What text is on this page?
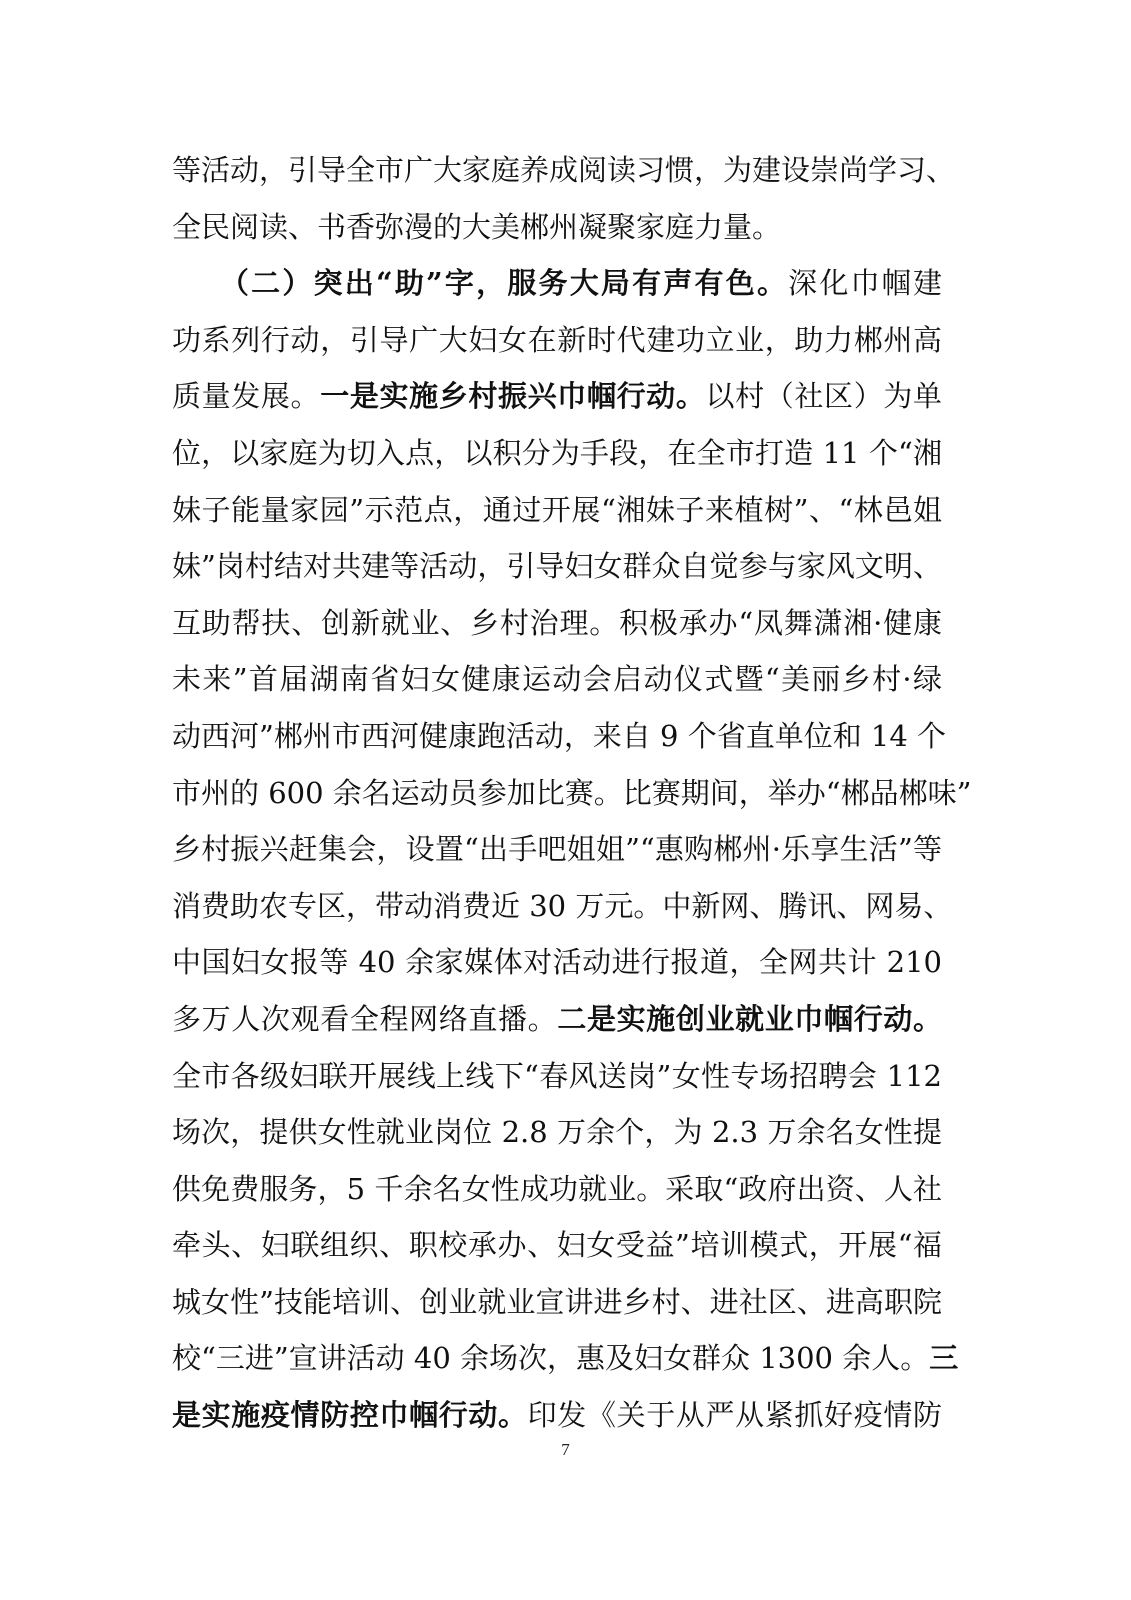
等活动，引导全市广大家庭养成阅读习惯，为建设崇尚学习、
全民阅读、书香弥漫的大美郴州凝聚家庭力量。
　　（二）突出“助”字，服务大局有声有色。深化巾帼建
功系列行动，引导广大妇女在新时代建功立业，助力郴州高
质量发展。一是实施乡村振兴巾帼行动。以村（社区）为单
位，以家庭为切入点，以积分为手段，在全市打造 11 个“湘
妹子能量家园”示范点，通过开展“湘妹子来植树”、“林邑姐
妹”岗村结对共建等活动，引导妇女群众自觉参与家风文明、
互助帮扶、创新就业、乡村治理。积极承办“凤舞潇湘·健康
未来”首届湖南省妇女健康运动会启动仪式暨“美丽乡村·绿
动西河”郴州市西河健康跑活动，来自 9 个省直单位和 14 个
市州的 600 余名运动员参加比赛。比赛期间，举办“郴品郴味”
乡村振兴赶集会，设置“出手吧姐姐”“惠购郴州·乐享生活”等
消费助农专区，带动消费近 30 万元。中新网、腾讯、网易、
中国妇女报等 40 余家媒体对活动进行报道，全网共计 210
多万人次观看全程网络直播。二是实施创业就业巾帼行动。
全市各级妇联开展线上线下“春风送岗”女性专场招聘会 112
场次，提供女性就业岗位 2.8 万余个，为 2.3 万余名女性提
供免费服务，5 千余名女性成功就业。采取“政府出资、人社
牵头、妇联组织、职校承办、妇女受益”培训模式，开展“福
城女性”技能培训、创业就业宣讲进乡村、进社区、进高职院
校“三进”宣讲活动 40 余场次，惠及妇女群众 1300 余人。三
是实施疫情防控巾帼行动。印发《关于从严从紧抓好疫情防
7
